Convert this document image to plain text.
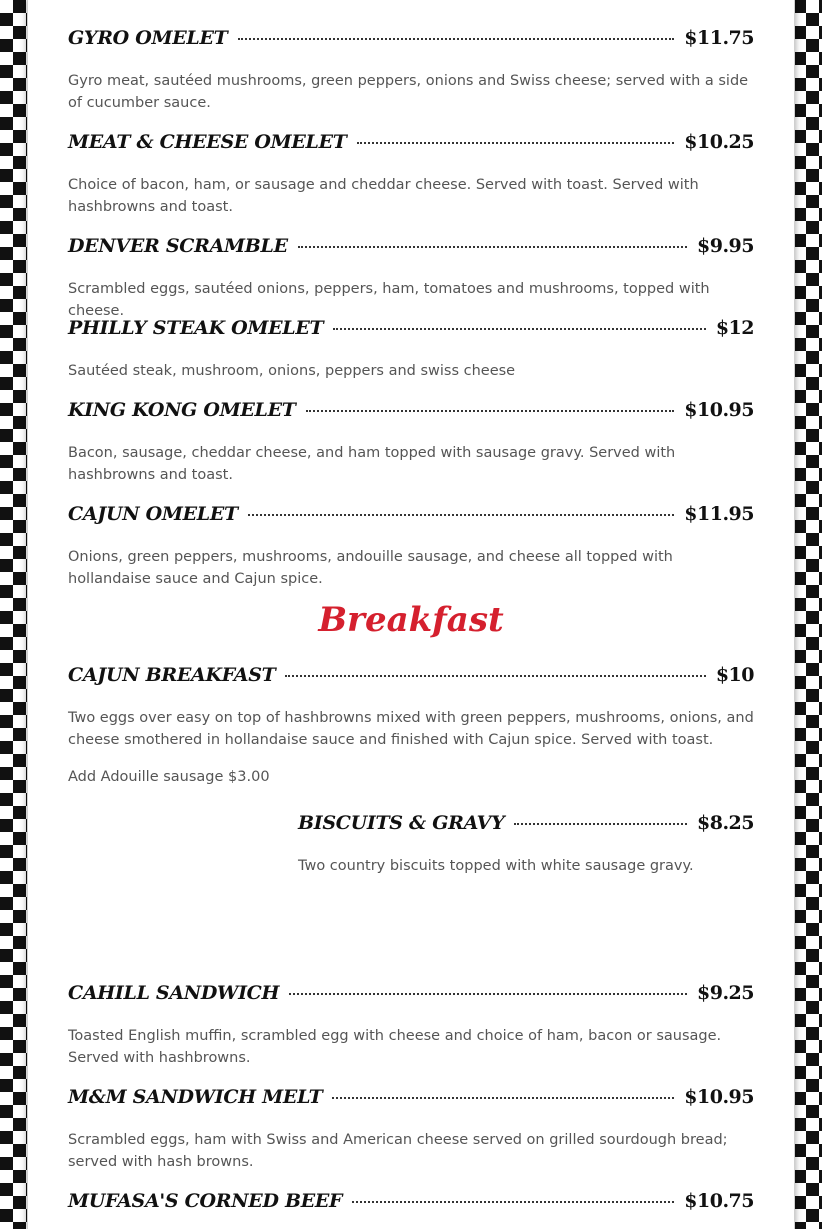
GYRO OMELET	$11.75
Gyro meat, sautéed mushrooms, green peppers, onions and Swiss cheese; served with a side of cucumber sauce.
MEAT & CHEESE OMELET	$10.25
Choice of bacon, ham, or sausage and cheddar cheese. Served with toast. Served with hashbrowns and toast.
DENVER SCRAMBLE	$9.95
Scrambled eggs, sautéed onions, peppers, ham, tomatoes and mushrooms, topped with cheese.
PHILLY STEAK OMELET	$12
Sautéed steak, mushroom, onions, peppers and swiss cheese
KING KONG OMELET	$10.95
Bacon, sausage, cheddar cheese, and ham topped with sausage gravy. Served with hashbrowns and toast.
CAJUN OMELET	$11.95
Onions, green peppers, mushrooms, andouille sausage, and cheese all topped with hollandaise sauce and Cajun spice.
Breakfast
CAJUN BREAKFAST	$10
Two eggs over easy on top of hashbrowns mixed with green peppers, mushrooms, onions, and cheese smothered in hollandaise sauce and finished with Cajun spice. Served with toast.
Add Adouille sausage $3.00
BISCUITS & GRAVY	$8.25
Two country biscuits topped with white sausage gravy.
CAHILL SANDWICH	$9.25
Toasted English muffin, scrambled egg with cheese and choice of ham, bacon or sausage. Served with hashbrowns.
M&M SANDWICH MELT	$10.95
Scrambled eggs, ham with Swiss and American cheese served on grilled sourdough bread; served with hash browns.
MUFASA'S CORNED BEEF	$10.75
